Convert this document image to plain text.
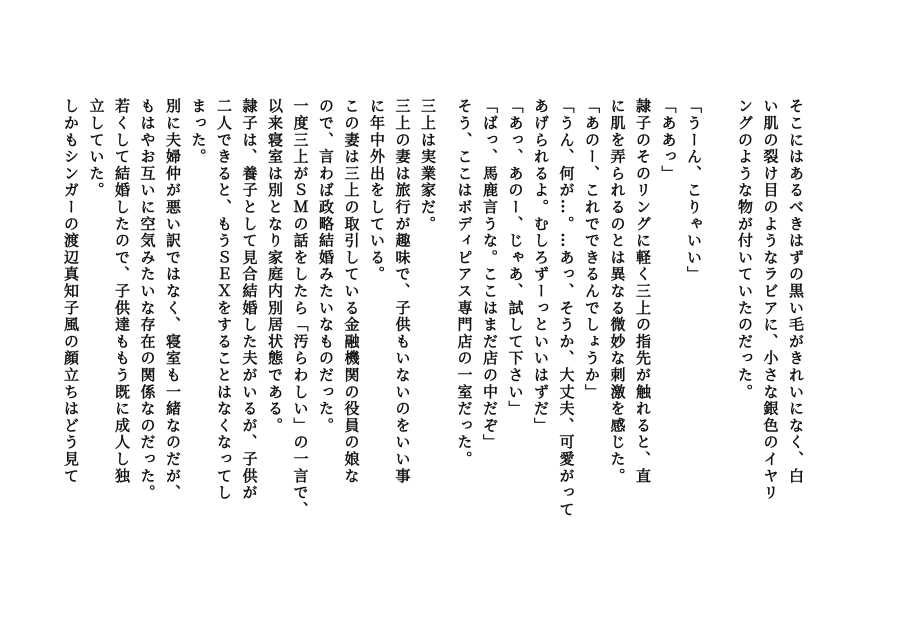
そこにはあるべきはずの黒い毛がきれいになく、白
い肌の裂け目のようなラビアに、小さな銀色のイヤリ
ングのような物が付いていたのだった。
「うーん、こりゃいい」
「ああっ」
隷子のそのリングに軽く三上の指先が触れると、直
に肌を弄られるのとは異なる微妙な刺激を感じた。
「あのー、これでできるんでしょうか」
「うん、何が…。…あっ、そうか、大丈夫、可愛がって
あげられるよ。むしろずーっといいはずだ」
「あっ、あのー、じゃあ、試して下さい」
「ばっ、馬鹿言うな。ここはまだ店の中だぞ」
そう、ここはボディピアス専門店の一室だった。
三上は実業家だ。
三上の妻は旅行が趣味で、子供もいないのをいい事
に年中外出をしている。
この妻は三上の取引している金融機関の役員の娘な
ので、言わば政略結婚みたいなものだった。
一度三上がＳＭの話をしたら「汚らわしい」の一言で、
以来寝室は別となり家庭内別居状態である。
隷子は、養子として見合結婚した夫がいるが、子供が
二人できると、もうＳＥＸをすることはなくなってし
まった。
別に夫婦仲が悪い訳ではなく、寝室も一緒なのだが、
もはやお互いに空気みたいな存在の関係なのだった。
若くして結婚したので、子供達ももう既に成人し独
立していた。
しかもシンガーの渡辺真知子風の顔立ちはどう見て
